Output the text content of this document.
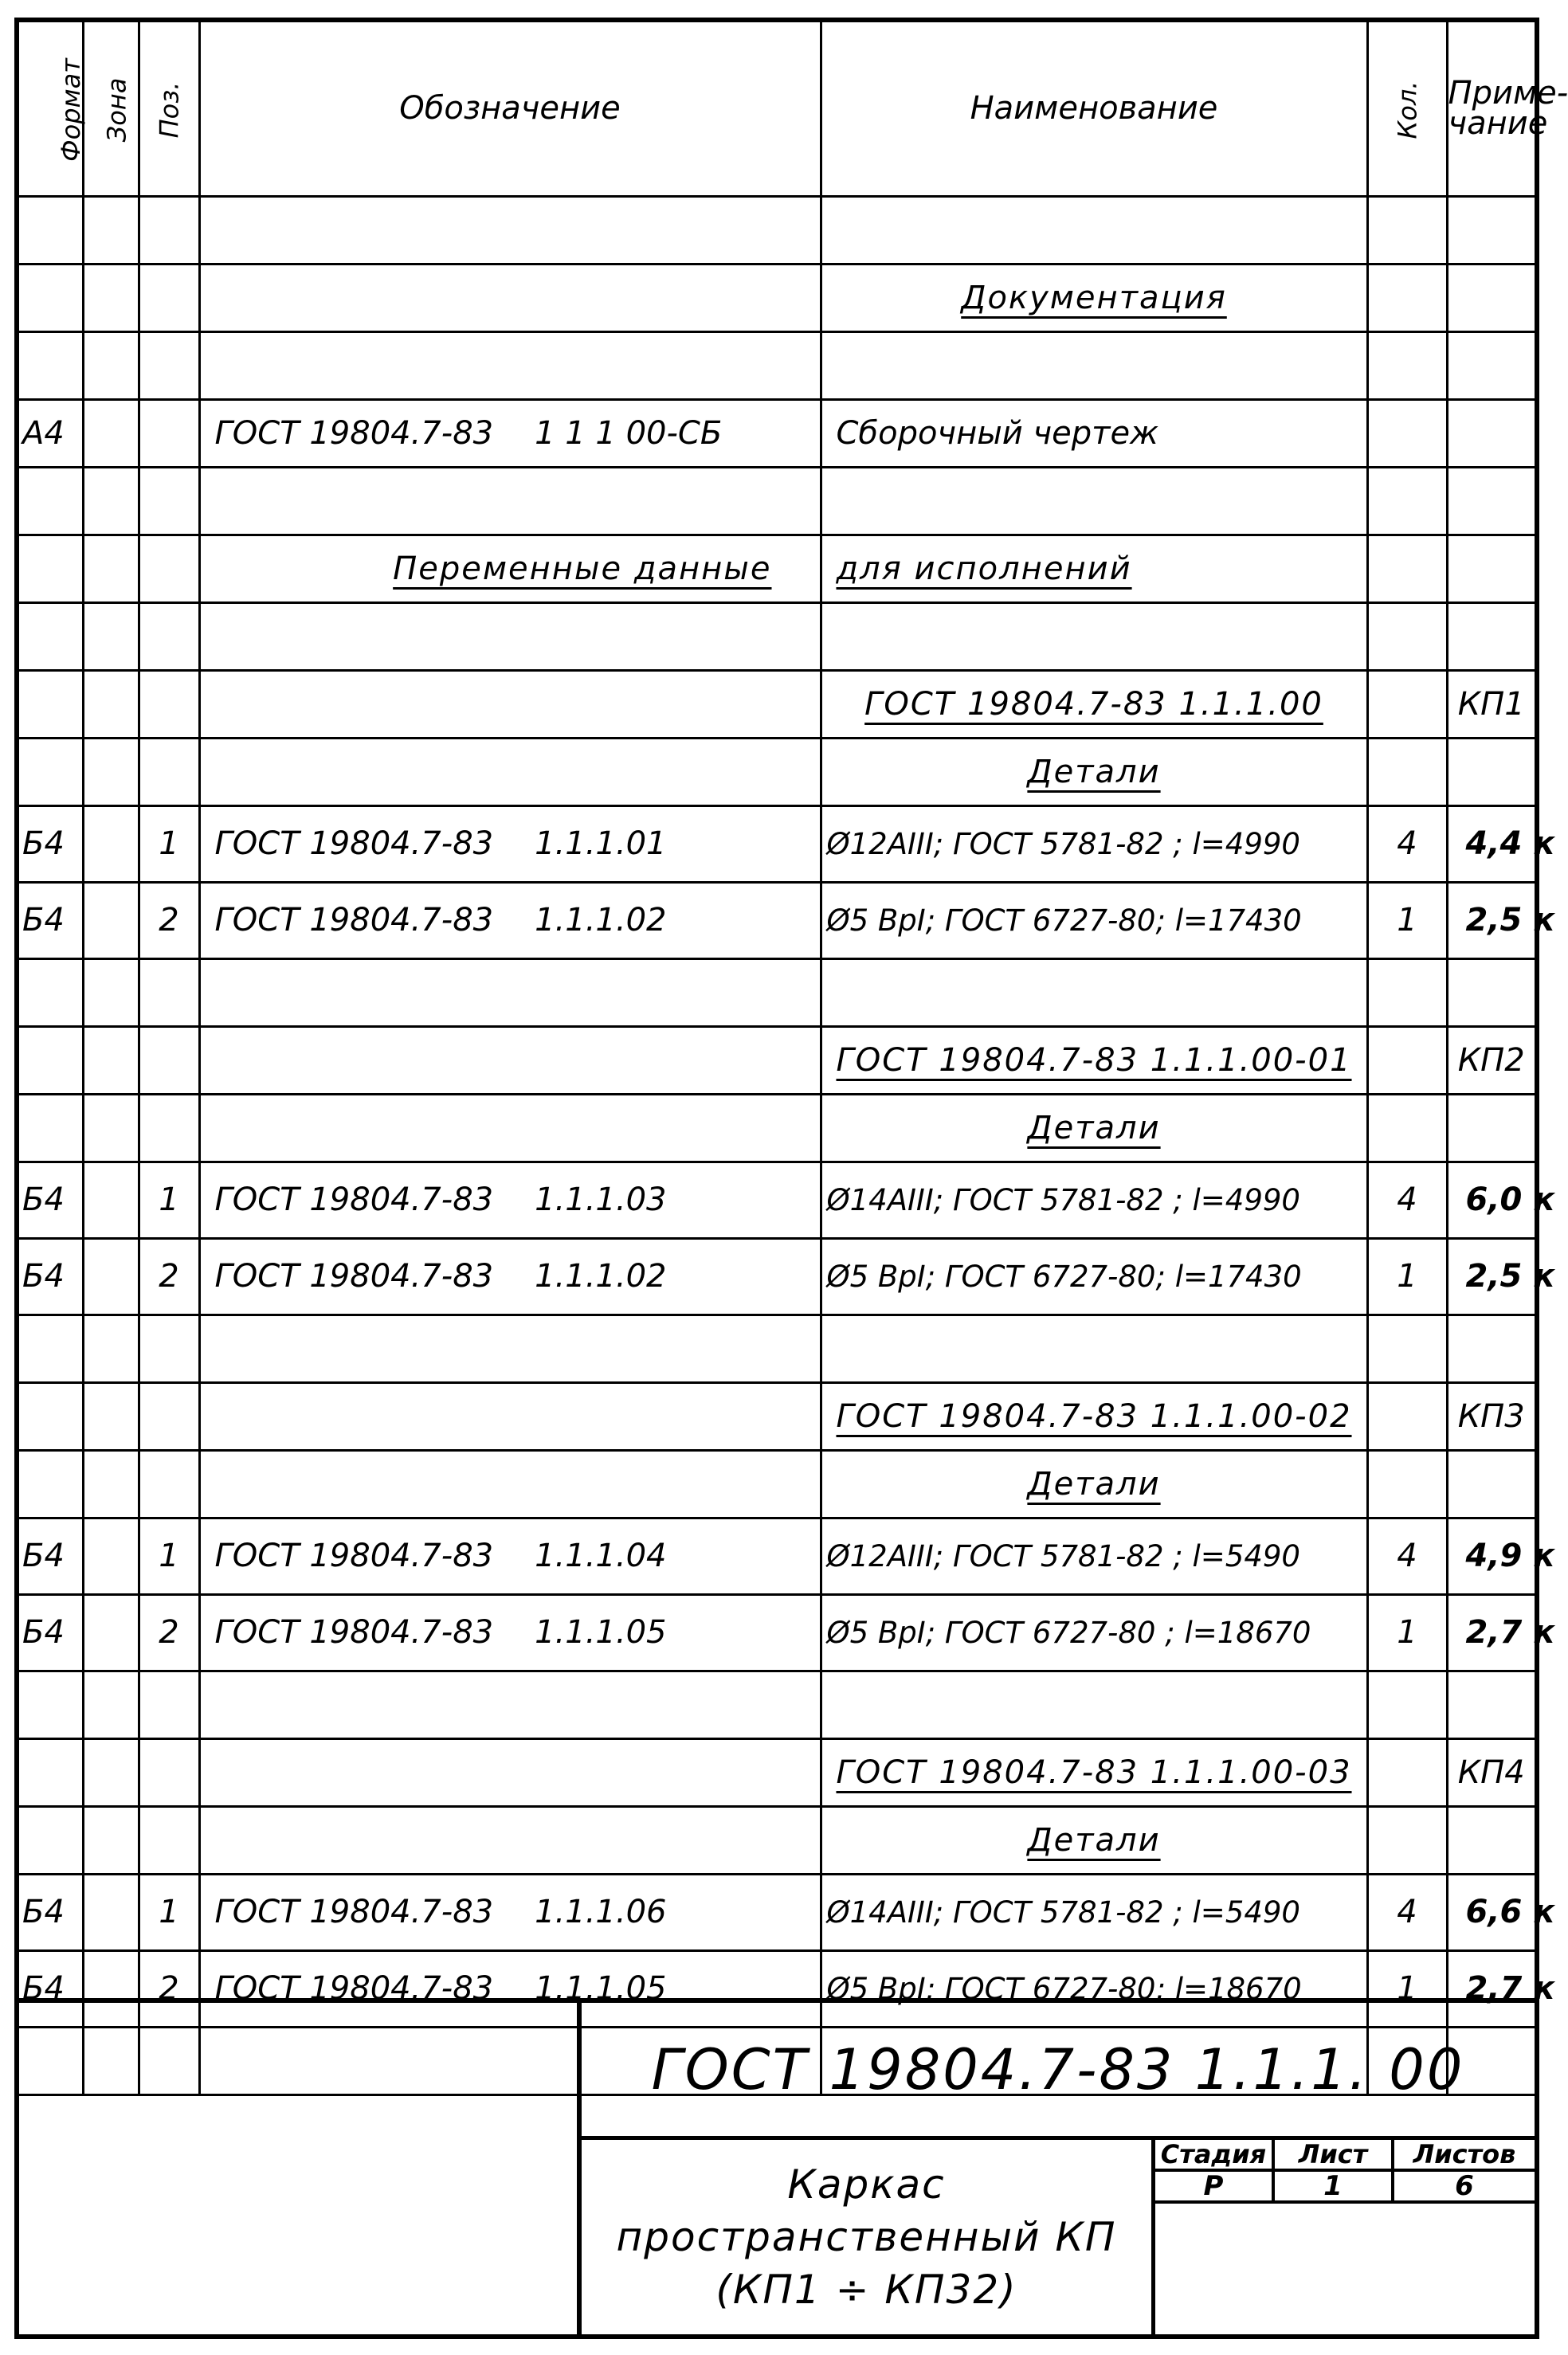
Формат	Зона	Поз.	Обозначение	Наименование	Кол.	Приме-
чание

				Документация		

А4			ГОСТ 19804.7-83 1 1 1 00-СБ	Сборочный чертеж		

			Переменные данные	для исполнений		

				ГОСТ 19804.7-83 1.1.1.00		КП1
				Детали		
Б4		1	ГОСТ 19804.7-83 1.1.1.01	Ø12АIII; ГОСТ 5781-82 ; l=4990	4	4,4 к
Б4		2	ГОСТ 19804.7-83 1.1.1.02	Ø5 BpI; ГОСТ 6727-80; l=17430	1	2,5 к

				ГОСТ 19804.7-83 1.1.1.00-01		КП2
				Детали		
Б4		1	ГОСТ 19804.7-83 1.1.1.03	Ø14АIII; ГОСТ 5781-82 ; l=4990	4	6,0 к
Б4		2	ГОСТ 19804.7-83 1.1.1.02	Ø5 BpI; ГОСТ 6727-80; l=17430	1	2,5 к

				ГОСТ 19804.7-83 1.1.1.00-02		КП3
				Детали		
Б4		1	ГОСТ 19804.7-83 1.1.1.04	Ø12АIII; ГОСТ 5781-82 ; l=5490	4	4,9 к
Б4		2	ГОСТ 19804.7-83 1.1.1.05	Ø5 BpI; ГОСТ 6727-80 ; l=18670	1	2,7 к

				ГОСТ 19804.7-83 1.1.1.00-03		КП4
				Детали		
Б4		1	ГОСТ 19804.7-83 1.1.1.06	Ø14АIII; ГОСТ 5781-82 ; l=5490	4	6,6 к
Б4		2	ГОСТ 19804.7-83 1.1.1.05	Ø5 BpI; ГОСТ 6727-80; l=18670	1	2,7 к

ГОСТ 19804.7-83 1.1.1. 00
Каркас
пространственный КП
(КП1 ÷ КП32)
Стадия	Лист	Листов
Р	1	6
